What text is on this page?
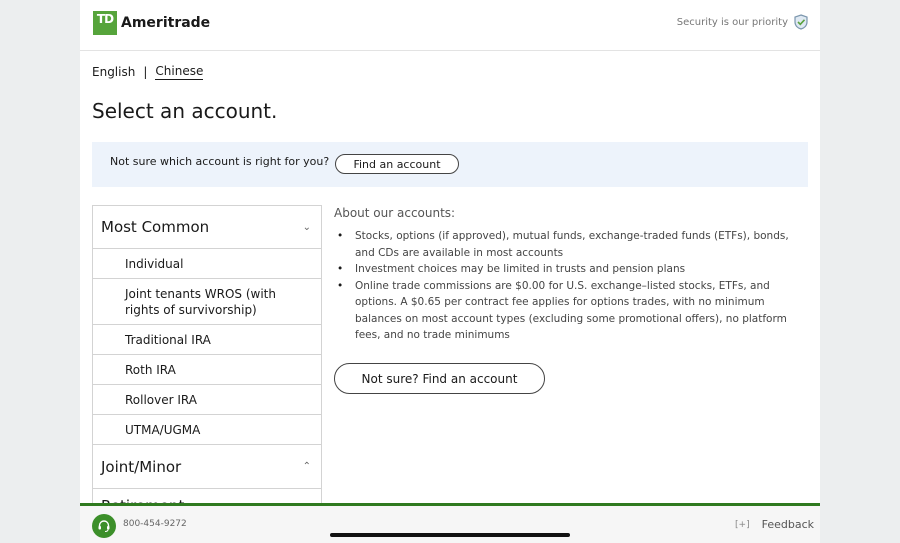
TD Ameritrade	Security is our priority
English | Chinese
Select an account.
Not sure which account is right for you?	Find an account
Most Common	⌄
Individual
Joint tenants WROS (with rights of survivorship)
Traditional IRA
Roth IRA
Rollover IRA
UTMA/UGMA
Joint/Minor	⌃
About our accounts:
• Stocks, options (if approved), mutual funds, exchange-traded funds (ETFs), bonds, and CDs are available in most accounts
• Investment choices may be limited in trusts and pension plans
• Online trade commissions are $0.00 for U.S. exchange–listed stocks, ETFs, and options. A $0.65 per contract fee applies for options trades, with no minimum balances on most account types (excluding some promotional offers), no platform fees, and no trade minimums
Not sure? Find an account
800-454-9272	[+] Feedback
